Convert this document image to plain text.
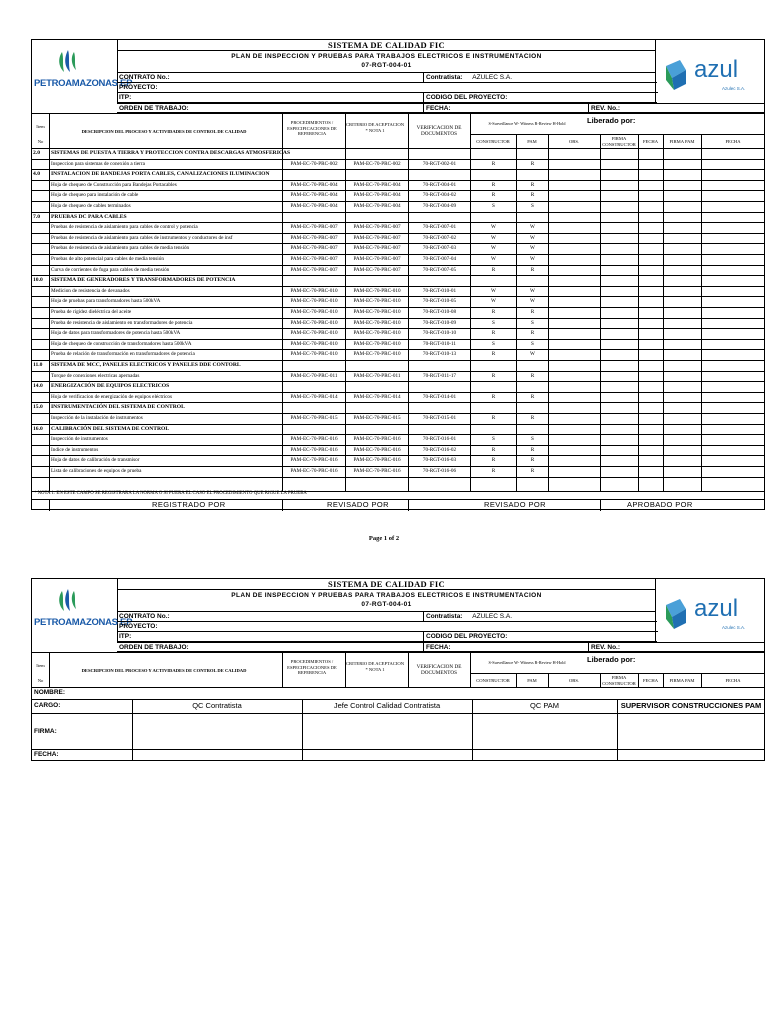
PETROAMAZONAS EP
SISTEMA DE CALIDAD FIC
PLAN DE INSPECCION Y PRUEBAS PARA TRABAJOS ELECTRICOS E INSTRUMENTACION
07-RGT-004-01	azul
Azulec S.A.
CONTRATO No.:	Contratista: AZULEC S.A.
PROYECTO:
ITP:	CODIGO DEL PROYECTO:
ORDEN DE TRABAJO:	FECHA:	REV. No.:
Item
No
DESCRIPCION DEL PROCESO Y ACTIVIDADES DE CONTROL DE CALIDAD
PROCEDIMIENTOS / ESPECIFICACIONES DE REFERENCIA
CRITERIO DE ACEPTACION * NOTA 1	VERIFICACION DE DOCUMENTOS
S-Surveillance W- Witness R-Review H-Hold	Liberado por:
CONSTRUCTOR	PAM	OBS.
FIRMA CONSTRUCTOR	FECHA	FIRMA PAM	FECHA
2.0	SISTEMAS DE PUESTA A TIERRA Y PROTECCION CONTRA DESCARGAS ATMOSFERICAS
Inspeccion para sistemas de conexión a tierra	PAM-EC-70-PRC-002	PAM-EC-70-PRC-002	70-RGT-002-01	R	R
4.0	INSTALACION DE BANDEJAS PORTA CABLES, CANALIZACIONES ILUMINACION
Hoja de chequeo de Construcción para Bandejas Portacables	PAM-EC-70-PRC-004	PAM-EC-70-PRC-004	70-RGT-004-01	R	R
Hoja de chequeo para instalación de cable	PAM-EC-70-PRC-004	PAM-EC-70-PRC-004	70-RGT-004-02	R	R
Hoja de chequeo de cables terminados	PAM-EC-70-PRC-004	PAM-EC-70-PRC-004	70-RGT-004-09	S	S
7.0	PRUEBAS DC PARA CABLES
Pruebas de resistencia de aislamiento para cables de control y potencia	PAM-EC-70-PRC-007	PAM-EC-70-PRC-007	70-RGT-007-01	W	W
Pruebas de resistencia de aislamiento para cables de instrumentos y conductores de insf	PAM-EC-70-PRC-007	PAM-EC-70-PRC-007	70-RGT-007-02	W	W
Pruebas de resistencia de aislamiento para cables de media tensión	PAM-EC-70-PRC-007	PAM-EC-70-PRC-007	70-RGT-007-03	W	W
Pruebas de alto potencial para cables de media tensión	PAM-EC-70-PRC-007	PAM-EC-70-PRC-007	70-RGT-007-04	W	W
Curva de corrientes de fuga para cables de media tensión	PAM-EC-70-PRC-007	PAM-EC-70-PRC-007	70-RGT-007-05	R	R
10.0	SISTEMA DE GENERADORES Y TRANSFORMADORES DE POTENCIA
Medicion de resistencia de devanados	PAM-EC-70-PRC-010	PAM-EC-70-PRC-010	70-RGT-010-01	W	W
Hoja de pruebas para transformadores hasta 500kVA	PAM-EC-70-PRC-010	PAM-EC-70-PRC-010	70-RGT-010-05	W	W
Prueba de rigidez dieléctrica del aceite	PAM-EC-70-PRC-010	PAM-EC-70-PRC-010	70-RGT-010-08	R	R
Prueba de resistencia de aislamiento en transformadores de potencia	PAM-EC-70-PRC-010	PAM-EC-70-PRC-010	70-RGT-010-09	S	S
Hoja de datos para transformadores de potencia hasta 500kVA	PAM-EC-70-PRC-010	PAM-EC-70-PRC-010	70-RGT-010-10	R	R
Hoja de chequeo de construcción de transformadores hasta 500kVA	PAM-EC-70-PRC-010	PAM-EC-70-PRC-010	70-RGT-010-11	S	S
Prueba de relación de transformación en transformadores de potencia	PAM-EC-70-PRC-010	PAM-EC-70-PRC-010	70-RGT-010-13	R	W
11.0	SISTEMA DE MCC, PANELES ELECTRICOS Y PANELES DDE CONTORL
Torque de conexiones electricas apernadas	PAM-EC-70-PRC-011	PAM-EC-70-PRC-011	70-RGT-011-17	R	R
14.0	ENERGIZACIÓN DE EQUIPOS ELECTRICOS
Hoja de verificacion de energización de equipos eléctricos	PAM-EC-70-PRC-014	PAM-EC-70-PRC-014	70-RGT-014-01	R	R
15.0	INSTRUMENTACIÓN DEL SISTEMA DE CONTROL
Inspección de la instalación de instrumentos	PAM-EC-70-PRC-015	PAM-EC-70-PRC-015	70-RGT-015-01	R	R
16.0	CALIBRACIÓN DEL SISTEMA DE CONTROL
Inspección de instrumentos	PAM-EC-70-PRC-016	PAM-EC-70-PRC-016	70-RGT-016-01	S	S
Indice de instrumentos	PAM-EC-70-PRC-016	PAM-EC-70-PRC-016	70-RGT-016-02	R	R
Hoja de datos de calibración de transmisor	PAM-EC-70-PRC-016	PAM-EC-70-PRC-016	70-RGT-016-03	R	R
Lista de calibraciones de equipos de prueba	PAM-EC-70-PRC-016	PAM-EC-70-PRC-016	70-RGT-016-06	R	R
* NOTA 1: EN ESTE CAMPO SE REGISTRARA LA NORMA O SI FUERA EL CASO EL PROCEDIMIENTO QUE RIGUE LA PRUEBA
REGISTRADO POR	REVISADO POR	REVISADO POR	APROBADO POR
Page 1 of 2
PETROAMAZONAS EP
SISTEMA DE CALIDAD FIC
PLAN DE INSPECCION Y PRUEBAS PARA TRABAJOS ELECTRICOS E INSTRUMENTACION
07-RGT-004-01	azul
Azulec S.A.
CONTRATO No.:	Contratista: AZULEC S.A.
PROYECTO:
ITP:	CODIGO DEL PROYECTO:
ORDEN DE TRABAJO:	FECHA:	REV. No.:
Item
No
DESCRIPCION DEL PROCESO Y ACTIVIDADES DE CONTROL DE CALIDAD
PROCEDIMIENTOS / ESPECIFICACIONES DE REFERENCIA
CRITERIO DE ACEPTACION * NOTA 1	VERIFICACION DE DOCUMENTOS
S-Surveillance W- Witness R-Review H-Hold	Liberado por:
CONSTRUCTOR	PAM	OBS.
FIRMA CONSTRUCTOR	FECHA	FIRMA PAM	FECHA
NOMBRE:
CARGO:	QC Contratista	Jefe Control Calidad Contratista	QC PAM	SUPERVISOR CONSTRUCCIONES PAM
FIRMA:
FECHA:
